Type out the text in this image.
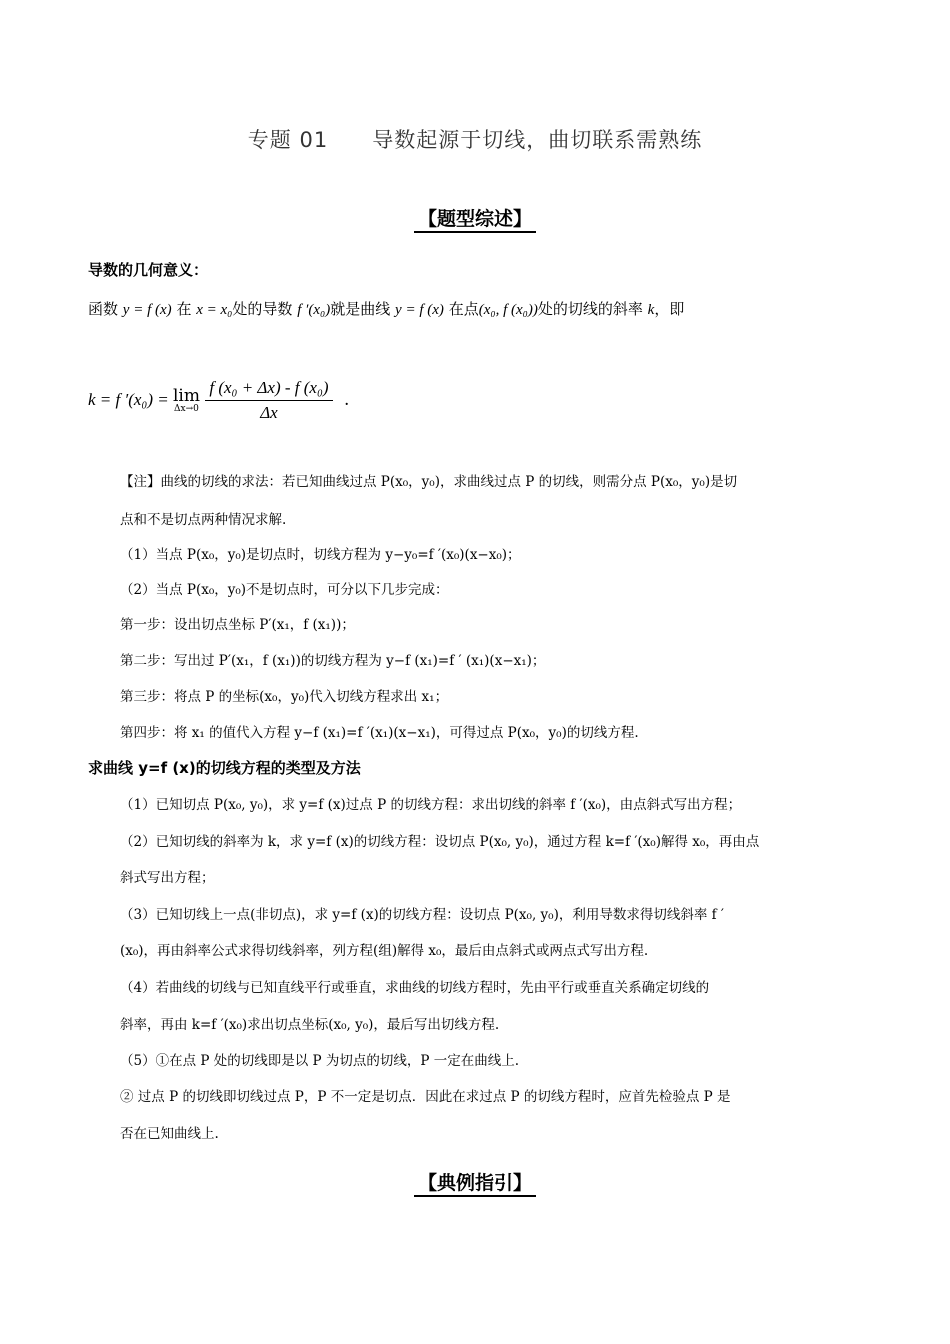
专题 01　　导数起源于切线，曲切联系需熟练
【题型综述】
导数的几何意义：
函数 y = f (x) 在 x = x₀处的导数 f ′(x₀)就是曲线 y = f (x) 在点(x₀, f (x₀))处的切线的斜率 k，即
k = f ′(x₀) = lim
Δx→0
$\frac{\text{f (x₀ + Δx) - f (x₀)}}{\Delta x}$ .
【注】曲线的切线的求法：若已知曲线过点 P(x₀，y₀)，求曲线过点 P 的切线，则需分点 P(x₀，y₀)是切
点和不是切点两种情况求解.
（1）当点 P(x₀，y₀)是切点时，切线方程为 y−y₀=f ′(x₀)(x−x₀)；
（2）当点 P(x₀，y₀)不是切点时，可分以下几步完成：
第一步：设出切点坐标 P′(x₁，f (x₁))；
第二步：写出过 P′(x₁，f (x₁))的切线方程为 y−f (x₁)=f ′ (x₁)(x−x₁)；
第三步：将点 P 的坐标(x₀，y₀)代入切线方程求出 x₁；
第四步：将 x₁ 的值代入方程 y−f (x₁)=f ′(x₁)(x−x₁)，可得过点 P(x₀，y₀)的切线方程.
求曲线 y=f (x)的切线方程的类型及方法
（1）已知切点 P(x₀, y₀)，求 y=f (x)过点 P 的切线方程：求出切线的斜率 f ′(x₀)，由点斜式写出方程；
（2）已知切线的斜率为 k，求 y=f (x)的切线方程：设切点 P(x₀, y₀)，通过方程 k=f ′(x₀)解得 x₀，再由点
斜式写出方程；
（3）已知切线上一点(非切点)，求 y=f (x)的切线方程：设切点 P(x₀, y₀)，利用导数求得切线斜率 f ′
(x₀)，再由斜率公式求得切线斜率，列方程(组)解得 x₀，最后由点斜式或两点式写出方程.
（4）若曲线的切线与已知直线平行或垂直，求曲线的切线方程时，先由平行或垂直关系确定切线的
斜率，再由 k=f ′(x₀)求出切点坐标(x₀, y₀)，最后写出切线方程.
（5）①在点 P 处的切线即是以 P 为切点的切线，P 一定在曲线上.
② 过点 P 的切线即切线过点 P，P 不一定是切点．因此在求过点 P 的切线方程时，应首先检验点 P 是
否在已知曲线上.
【典例指引】
